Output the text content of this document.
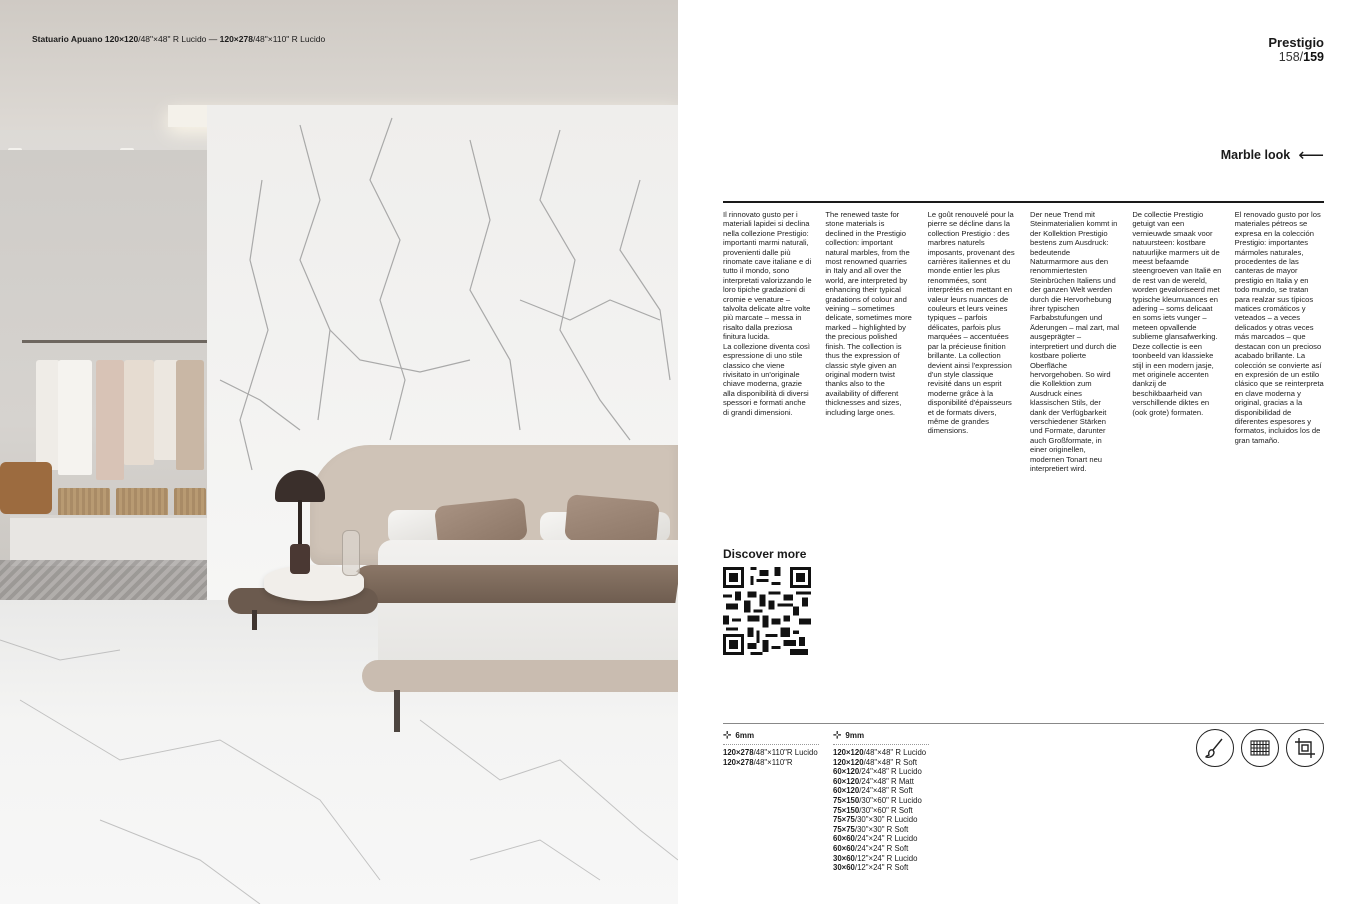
Statuario Apuano 120×120/48"×48" R Lucido — 120×278/48"×110" R Lucido	Prestigio
158/159
Marble look ⟵

Il rinnovato gusto per i materiali lapidei si declina nella collezione Prestigio: importanti marmi naturali, provenienti dalle più rinomate cave italiane e di tutto il mondo, sono interpretati valorizzando le loro tipiche gradazioni di cromie e venature – talvolta delicate altre volte più marcate – messa in risalto dalla preziosa finitura lucida.
La collezione diventa così espressione di uno stile classico che viene rivisitato in un'originale chiave moderna, grazie alla disponibilità di diversi spessori e formati anche di grandi dimensioni.

The renewed taste for stone materials is declined in the Prestigio collection: important natural marbles, from the most renowned quarries in Italy and all over the world, are interpreted by enhancing their typical gradations of colour and veining – sometimes delicate, sometimes more marked – highlighted by the precious polished finish. The collection is thus the expression of classic style given an original modern twist thanks also to the availability of different thicknesses and sizes, including large ones.

Le goût renouvelé pour la pierre se décline dans la collection Prestigio : des marbres naturels imposants, provenant des carrières italiennes et du monde entier les plus renommées, sont interprétés en mettant en valeur leurs nuances de couleurs et leurs veines typiques – parfois délicates, parfois plus marquées – accentuées par la précieuse finition brillante. La collection devient ainsi l'expression d'un style classique revisité dans un esprit moderne grâce à la disponibilité d'épaisseurs et de formats divers, même de grandes dimensions.

Der neue Trend mit Steinmaterialien kommt in der Kollektion Prestigio bestens zum Ausdruck: bedeutende Naturmarmore aus den renommiertesten Steinbrüchen Italiens und der ganzen Welt werden durch die Hervorhebung ihrer typischen Farbabstufungen und Äderungen – mal zart, mal ausgeprägter – interpretiert und durch die kostbare polierte Oberfläche hervorgehoben. So wird die Kollektion zum Ausdruck eines klassischen Stils, der dank der Verfügbarkeit verschiedener Stärken und Formate, darunter auch Großformate, in einer originellen, modernen Tonart neu interpretiert wird.

De collectie Prestigio getuigt van een vernieuwde smaak voor natuursteen: kostbare natuurlijke marmers uit de meest befaamde steengroeven van Italië en de rest van de wereld, worden gevaloriseerd met typische kleurnuances en adering – soms delicaat en soms iets vunger – meteen opvallende sublieme glansafwerking. Deze collectie is een toonbeeld van klassieke stijl in een modern jasje, met originele accenten dankzij de beschikbaarheid van verschillende diktes en (ook grote) formaten.

El renovado gusto por los materiales pétreos se expresa en la colección Prestigio: importantes mármoles naturales, procedentes de las canteras de mayor prestigio en Italia y en todo mundo, se tratan para realzar sus típicos matices cromáticos y veteados – a veces delicados y otras veces más marcados – que destacan con un precioso acabado brillante. La colección se convierte así en expresión de un estilo clásico que se reinterpreta en clave moderna y original, gracias a la disponibilidad de diferentes espesores y formatos, incluidos los de gran tamaño.

Discover more
⊹ 6mm
120×278/48"×110"R Lucido
120×278/48"×110"R
⊹ 9mm
120×120/48"×48" R Lucido
120×120/48"×48" R Soft
60×120/24"×48" R Lucido
60×120/24"×48" R Matt
60×120/24"×48" R Soft
75×150/30"×60" R Lucido
75×150/30"×60" R Soft
75×75/30"×30" R Lucido
75×75/30"×30" R Soft
60×60/24"×24" R Lucido
60×60/24"×24" R Soft
30×60/12"×24" R Lucido
30×60/12"×24" R Soft
